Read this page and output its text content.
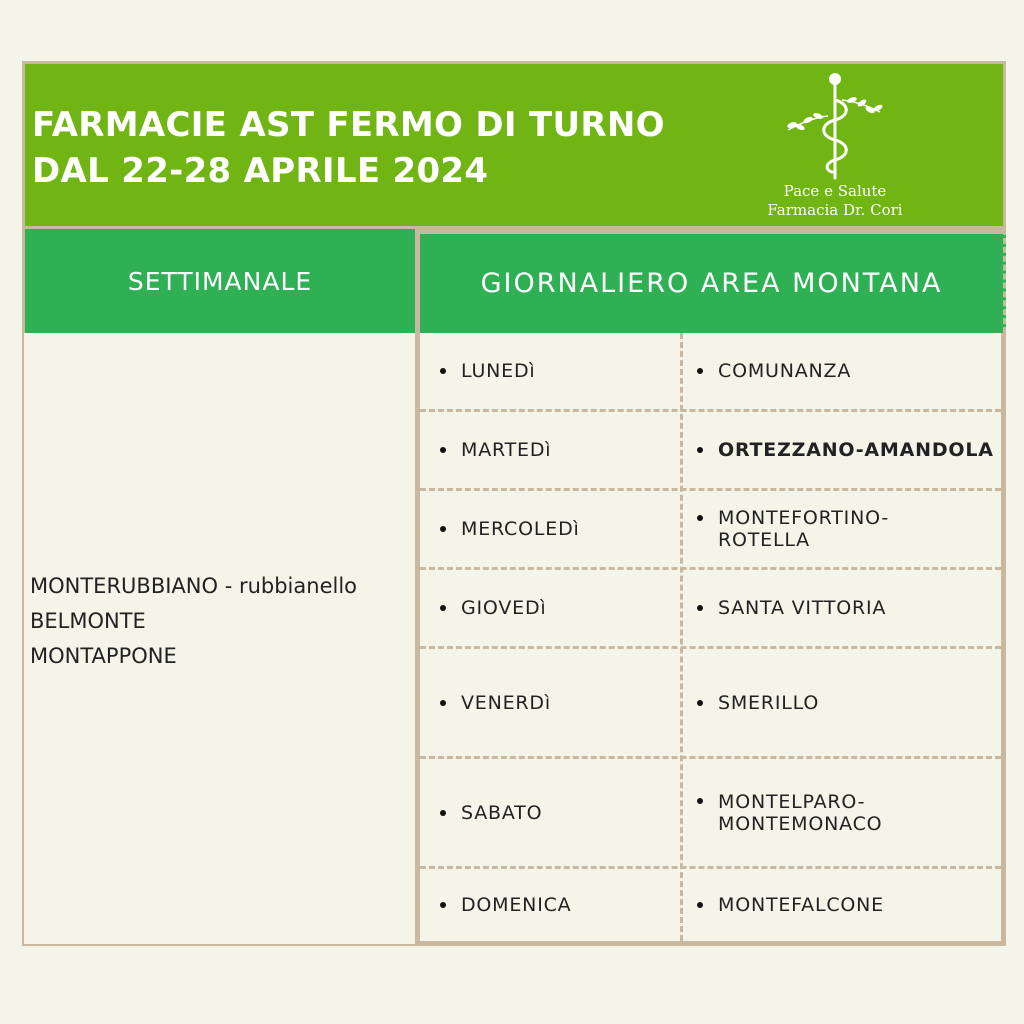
FARMACIE AST FERMO DI TURNO
DAL 22-28 APRILE 2024	Pace e Salute
Farmacia Dr. Cori
SETTIMANALE	GIORNALIERO AREA MONTANA
MONTERUBBIANO - rubbianello
BELMONTE
MONTAPPONE
LUNEDì	COMUNANZA
MARTEDì	ORTEZZANO-AMANDOLA
MERCOLEDì	MONTEFORTINO-ROTELLA
GIOVEDì	SANTA VITTORIA
VENERDì	SMERILLO
SABATO	MONTELPARO-MONTEMONACO
DOMENICA	MONTEFALCONE
